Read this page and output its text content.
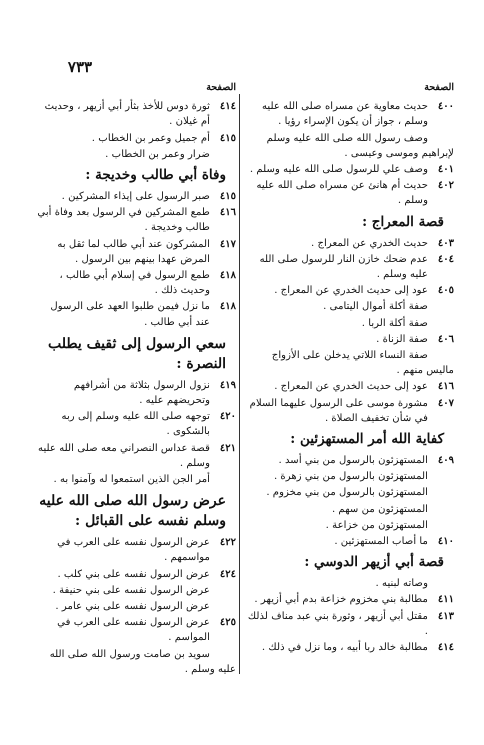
٧٣٣
الصفحة
٤٠٠
حديث معاوية عن مسراه صلى الله عليه وسلم ، جواز أن يكون الإسراء رؤيا .
وصف رسول الله صلى الله عليه وسلم لإبراهيم وموسى وعيسى .
٤٠١
وصف علي للرسول صلى الله عليه وسلم .
٤٠٢
حديث أم هانئ عن مسراه صلى الله عليه وسلم .
قصة المعراج :
٤٠٣
حديث الخدري عن المعراج .
٤٠٤
عدم ضحك خازن النار للرسول صلى الله عليه وسلم .
٤٠٥
عود إلى حديث الخدري عن المعراج .
صفة أكلة أموال اليتامى .
صفة أكلة الربا .
٤٠٦
صفة الزناة .
صفة النساء اللاتي يدخلن على الأزواج ماليس منهم .
٤١٦
عود إلى حديث الخدري عن المعراج .
٤٠٧
مشورة موسى على الرسول عليهما السلام في شأن تخفيف الصلاة .
كفاية الله أمر المستهزئين :
٤٠٩
المستهزئون بالرسول من بني أسد .
المستهزئون بالرسول من بني زهرة .
المستهزئون بالرسول من بني مخزوم .
المستهزئون من سهم .
المستهزئون من خزاعة .
٤١٠
ما أصاب المستهزئين .
قصة أبي أزيهر الدوسي :
وصاته لبنيه .
٤١١
مطالبة بني مخزوم خزاعة بدم أبي أزيهر .
٤١٣
مقتل أبي أزيهر ، وثورة بني عبد مناف لذلك .
٤١٤
مطالبة خالد ربا أبيه ، وما نزل في ذلك .
الصفحة
٤١٤
ثورة دوس للأخذ بثأر أبي أزيهر ، وحديث أم غيلان .
٤١٥
أم جميل وعمر بن الخطاب .
ضرار وعمر بن الخطاب .
وفاة أبي طالب وخديجة :
٤١٥
صبر الرسول على إيذاء المشركين .
٤١٦
طمع المشركين في الرسول بعد وفاة أبي طالب وخديجة .
٤١٧
المشركون عند أبي طالب لما ثقل به المرض عهدا بينهم بين الرسول .
٤١٨
طمع الرسول في إسلام أبي طالب ، وحديث ذلك .
٤١٨
ما نزل فيمن طلبوا العهد على الرسول عند أبي طالب .
سعي الرسول إلى ثقيف يطلب النصرة :
٤١٩
نزول الرسول بثلاثة من أشرافهم وتحريضهم عليه .
٤٢٠
توجهه صلى الله عليه وسلم إلى ربه بالشكوى .
٤٢١
قصة عداس النصراني معه صلى الله عليه وسلم .
أمر الجن الذين استمعوا له وآمنوا به .
عرض رسول الله صلى الله عليه وسلم نفسه على القبائل :
٤٢٢
عرض الرسول نفسه على العرب في مواسمهم .
٤٢٤
عرض الرسول نفسه على بني كلب .
عرض الرسول نفسه على بني حنيفة .
عرض الرسول نفسه على بني عامر .
٤٢٥
عرض الرسول نفسه على العرب في المواسم .
سويد بن صامت ورسول الله صلى الله عليه وسلم .
